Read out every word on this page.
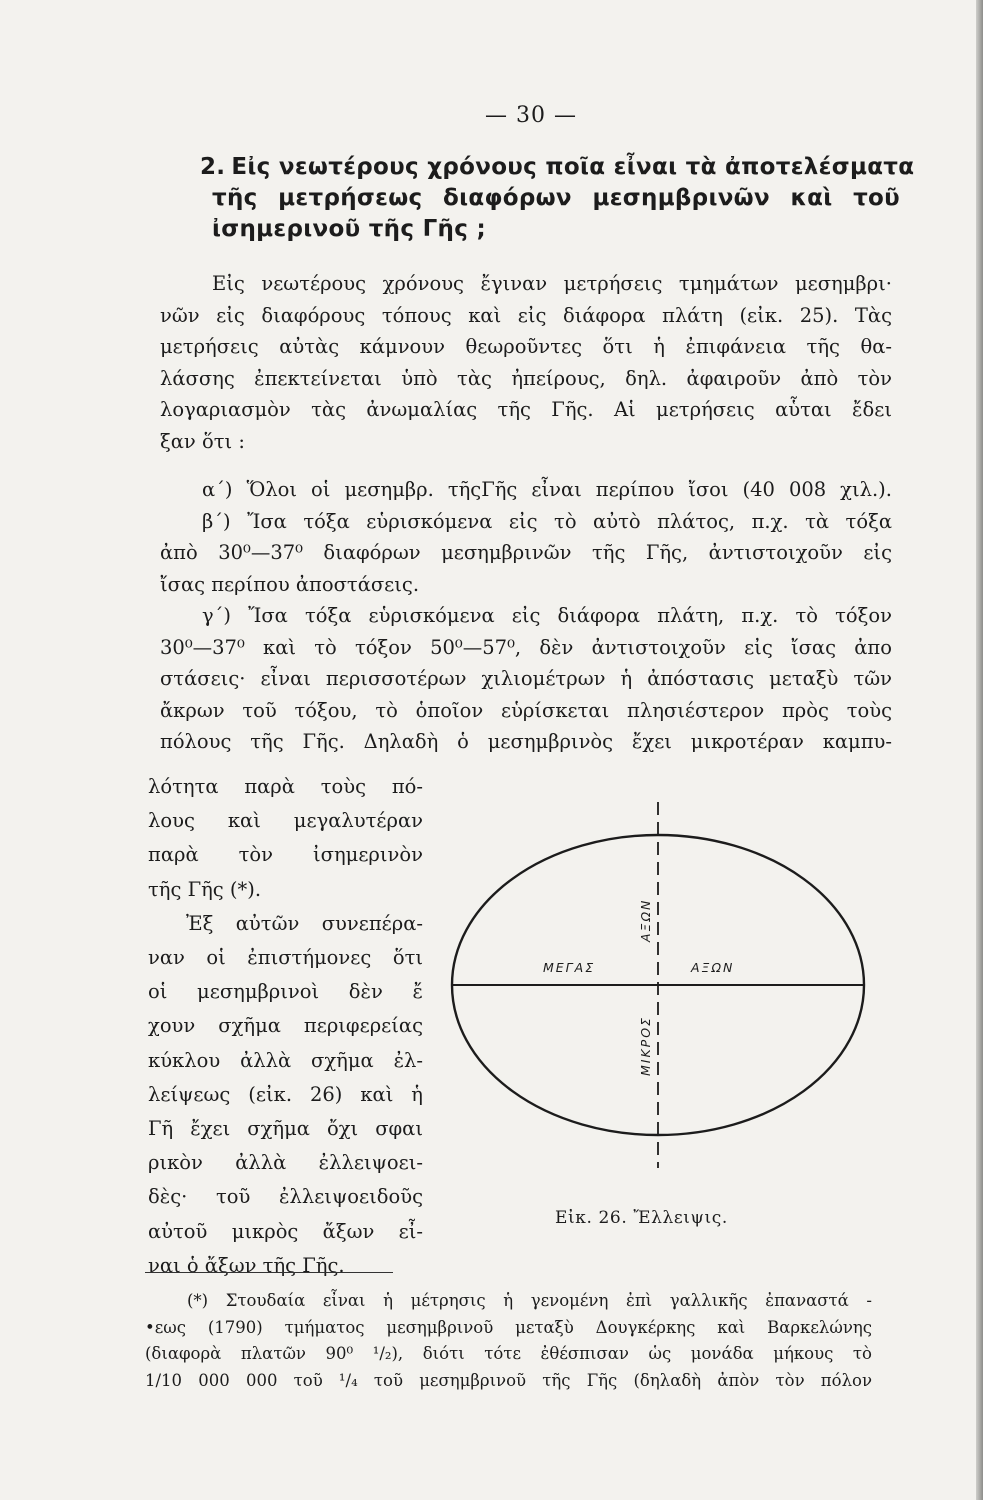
— 30 —
2. Εἰς νεωτέρους χρόνους ποῖα εἶναι τὰ ἀποτελέσματα
τῆς μετρήσεως διαφόρων μεσημβρινῶν καὶ τοῦ
ἰσημερινοῦ τῆς Γῆς ;
Εἰς νεωτέρους χρόνους ἔγιναν μετρήσεις τμημάτων μεσημβρι·
νῶν εἰς διαφόρους τόπους καὶ εἰς διάφορα πλάτη (εἰκ. 25). Τὰς
μετρήσεις αὐτὰς κάμνουν θεωροῦντες ὅτι ἡ ἐπιφάνεια τῆς θα-
λάσσης ἐπεκτείνεται ὑπὸ τὰς ἠπείρους, δηλ. ἀφαιροῦν ἀπὸ τὸν
λογαριασμὸν τὰς ἀνωμαλίας τῆς Γῆς. Αἱ μετρήσεις αὗται ἔδει
ξαν ὅτι :
α΄) Ὅλοι οἱ μεσημβρ. τῆςΓῆς εἶναι περίπου ἴσοι (40 008 χιλ.).
β΄) Ἴσα τόξα εὑρισκόμενα εἰς τὸ αὐτὸ πλάτος, π.χ. τὰ τόξα
ἀπὸ 30⁰—37⁰ διαφόρων μεσημβρινῶν τῆς Γῆς, ἀντιστοιχοῦν εἰς
ἴσας περίπου ἀποστάσεις.
γ΄) Ἴσα τόξα εὑρισκόμενα εἰς διάφορα πλάτη, π.χ. τὸ τόξον
30⁰—37⁰ καὶ τὸ τόξον 50⁰—57⁰, δὲν ἀντιστοιχοῦν εἰς ἴσας ἀπο
στάσεις· εἶναι περισσοτέρων χιλιομέτρων ἡ ἀπόστασις μεταξὺ τῶν
ἄκρων τοῦ τόξου, τὸ ὁποῖον εὑρίσκεται πλησιέστερον πρὸς τοὺς
πόλους τῆς Γῆς. Δηλαδὴ ὁ μεσημβρινὸς ἔχει μικροτέραν καμπυ-
λότητα παρὰ τοὺς πό-
λους καὶ μεγαλυτέραν
παρὰ τὸν ἰσημερινὸν
τῆς Γῆς (*).
Ἐξ αὐτῶν συνεπέρα-
ναν οἱ ἐπιστήμονες ὅτι
οἱ μεσημβρινοὶ δὲν ἔ
χουν σχῆμα περιφερείας
κύκλου ἀλλὰ σχῆμα ἐλ-
λείψεως (εἰκ. 26) καὶ ἡ
Γῆ ἔχει σχῆμα ὄχι σφαι
ρικὸν ἀλλὰ ἐλλειψοει-
δὲς· τοῦ ἐλλειψοειδοῦς
αὐτοῦ μικρὸς ἄξων εἶ-
ναι ὁ ἄξων τῆς Γῆς.
ΜΕΓΑΣ	ΑΞΩΝ
ΑΞΩΝ
ΜΙΚΡΟΣ
Εἰκ. 26. Ἔλλειψις.
(*) Στουδαία εἶναι ἡ μέτρησις ἡ γενομένη ἐπὶ γαλλικῆς ἐπαναστά -
•εως (1790) τμήματος μεσημβρινοῦ μεταξὺ Δουγκέρκης καὶ Βαρκελώνης
(διαφορὰ πλατῶν 90⁰ ¹/₂), διότι τότε ἐθέσπισαν ὡς μονάδα μήκους τὸ
1/10 000 000 τοῦ ¹/₄ τοῦ μεσημβρινοῦ τῆς Γῆς (δηλαδὴ ἀπὸν τὸν πόλον
